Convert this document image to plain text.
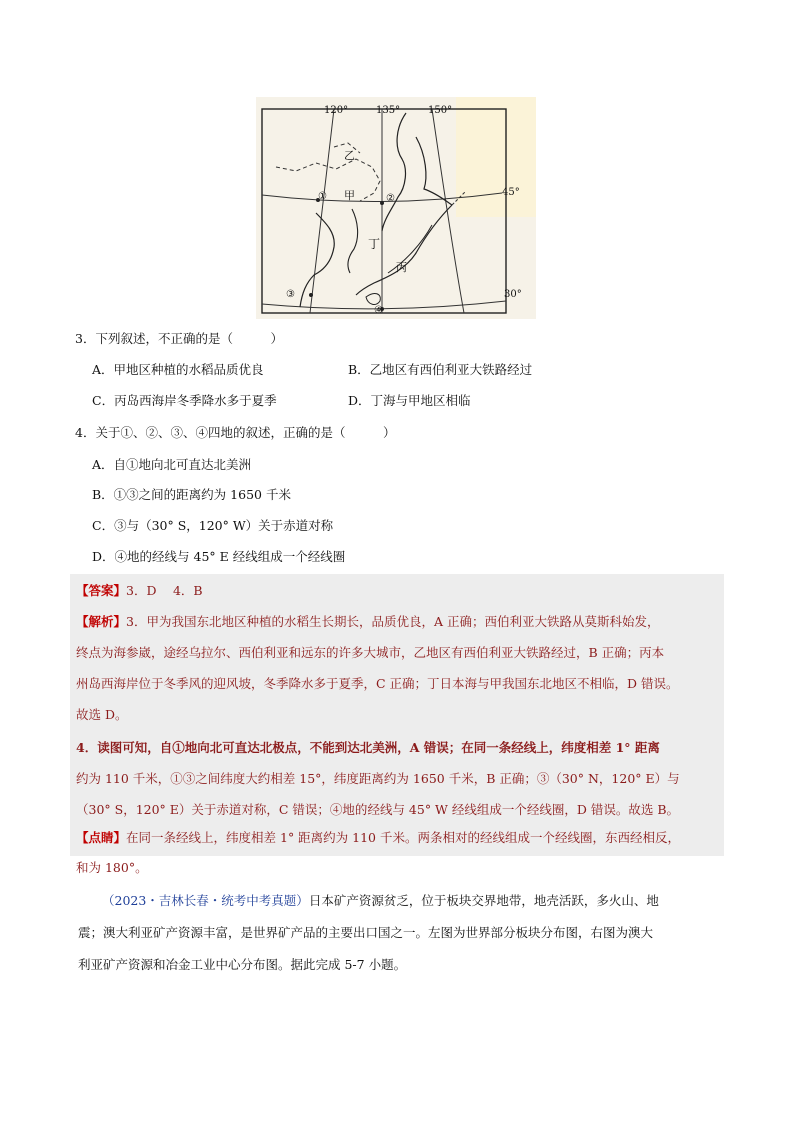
120°	135°	150°
45°
30°
乙
甲
丁
丙
①	②
③
④
3．下列叙述，不正确的是（　　　）
A．甲地区种植的水稻品质优良	B．乙地区有西伯利亚大铁路经过
C．丙岛西海岸冬季降水多于夏季	D．丁海与甲地区相临
4．关于①、②、③、④四地的叙述，正确的是（　　　）
A．自①地向北可直达北美洲
B．①③之间的距离约为 1650 千米
C．③与（30° S，120° W）关于赤道对称
D．④地的经线与 45° E 经线组成一个经线圈
【答案】3．D　 4．B
【解析】3．甲为我国东北地区种植的水稻生长期长，品质优良，A 正确；西伯利亚大铁路从莫斯科始发，
终点为海参崴，途经乌拉尔、西伯利亚和远东的许多大城市，乙地区有西伯利亚大铁路经过，B 正确；丙本
州岛西海岸位于冬季风的迎风坡，冬季降水多于夏季，C 正确；丁日本海与甲我国东北地区不相临，D 错误。
故选 D。
4．读图可知，自①地向北可直达北极点，不能到达北美洲，A 错误；在同一条经线上，纬度相差 1° 距离
约为 110 千米，①③之间纬度大约相差 15°，纬度距离约为 1650 千米，B 正确；③（30° N，120° E）与
（30° S，120° E）关于赤道对称，C 错误；④地的经线与 45° W 经线组成一个经线圈，D 错误。故选 B。
【点睛】在同一条经线上，纬度相差 1° 距离约为 110 千米。两条相对的经线组成一个经线圈，东西经相反，
和为 180°。
（2023・吉林长春・统考中考真题）日本矿产资源贫乏，位于板块交界地带，地壳活跃，多火山、地
震；澳大利亚矿产资源丰富，是世界矿产品的主要出口国之一。左图为世界部分板块分布图，右图为澳大
利亚矿产资源和冶金工业中心分布图。据此完成 5-7 小题。
